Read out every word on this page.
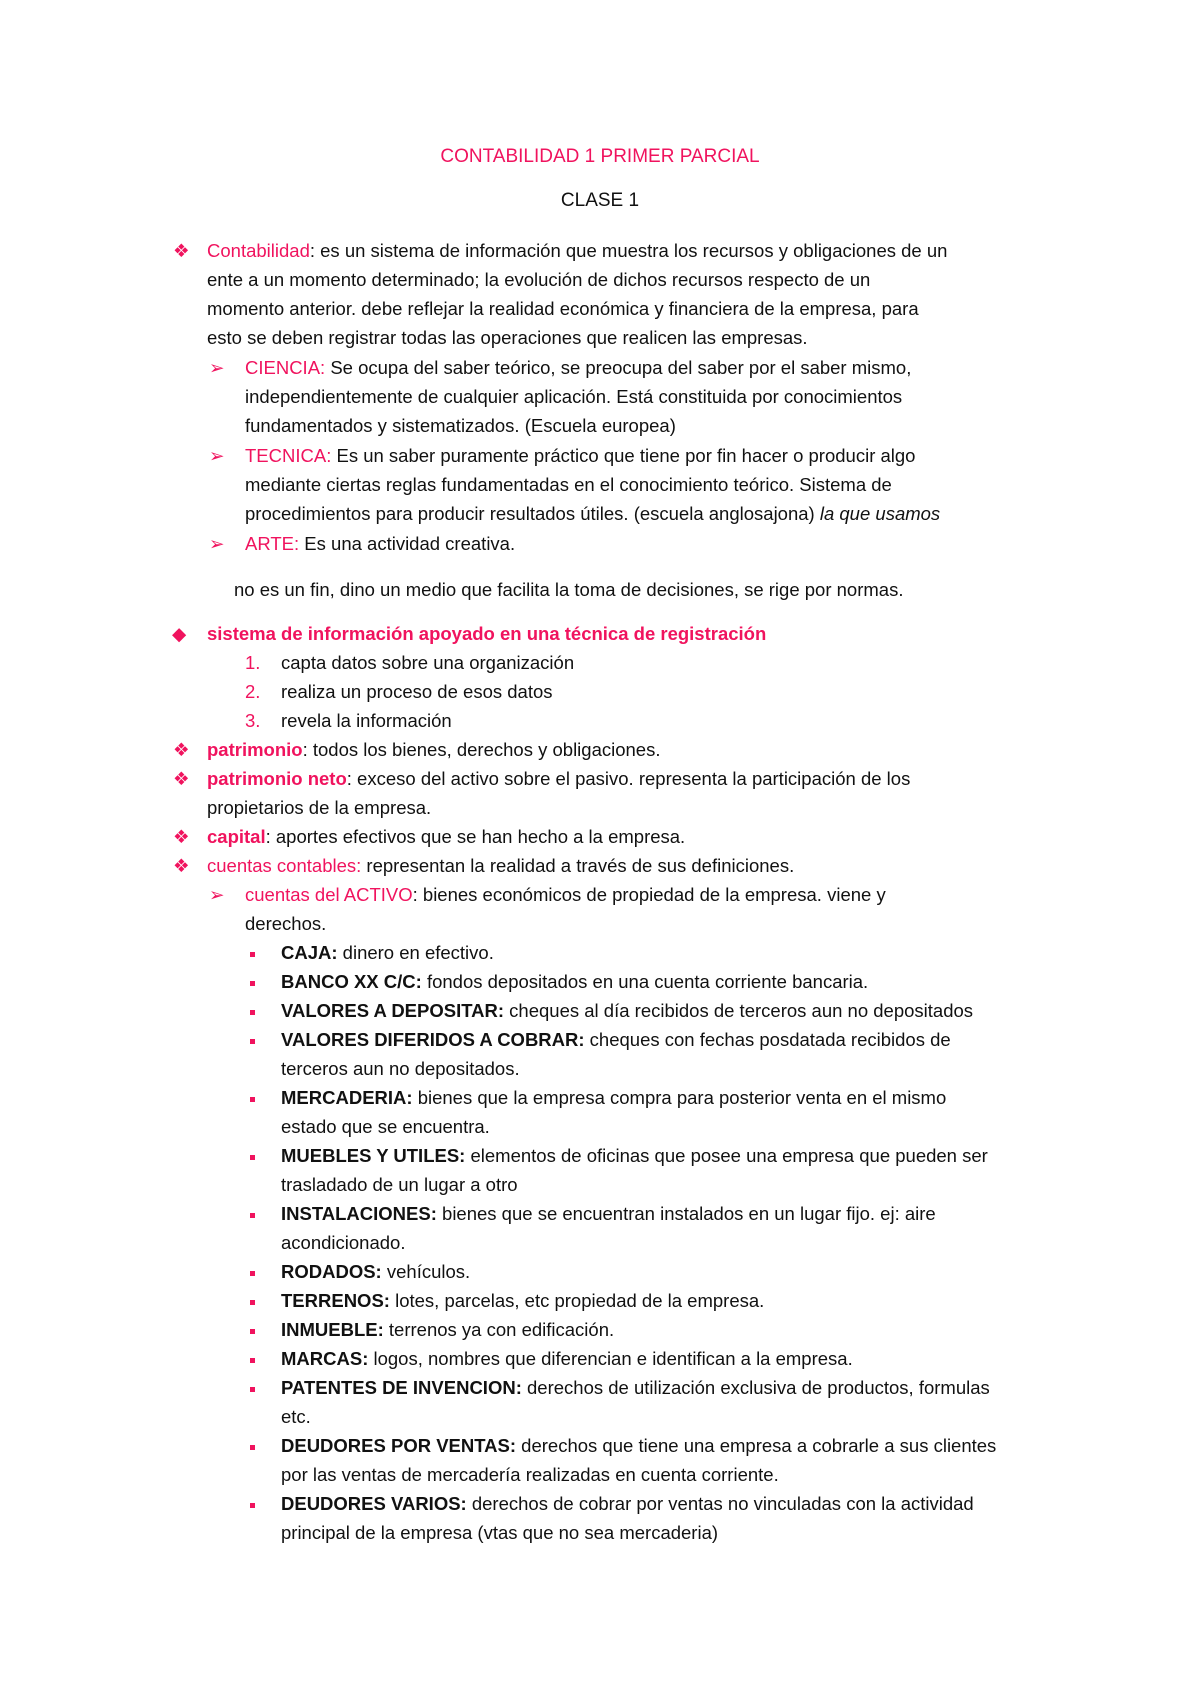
CONTABILIDAD 1 PRIMER PARCIAL
CLASE 1
❖ Contabilidad: es un sistema de información que muestra los recursos y obligaciones de un
ente a un momento determinado; la evolución de dichos recursos respecto de un
momento anterior. debe reflejar la realidad económica y financiera de la empresa, para
esto se deben registrar todas las operaciones que realicen las empresas.
➢ CIENCIA: Se ocupa del saber teórico, se preocupa del saber por el saber mismo,
independientemente de cualquier aplicación. Está constituida por conocimientos
fundamentados y sistematizados. (Escuela europea)
➢ TECNICA: Es un saber puramente práctico que tiene por fin hacer o producir algo
mediante ciertas reglas fundamentadas en el conocimiento teórico. Sistema de
procedimientos para producir resultados útiles. (escuela anglosajona) la que usamos
➢ ARTE: Es una actividad creativa.
no es un fin, dino un medio que facilita la toma de decisiones, se rige por normas.
◆ sistema de información apoyado en una técnica de registración
1. capta datos sobre una organización
2. realiza un proceso de esos datos
3. revela la información
❖ patrimonio: todos los bienes, derechos y obligaciones.
❖ patrimonio neto: exceso del activo sobre el pasivo. representa la participación de los
propietarios de la empresa.
❖ capital: aportes efectivos que se han hecho a la empresa.
❖ cuentas contables: representan la realidad a través de sus definiciones.
➢ cuentas del ACTIVO: bienes económicos de propiedad de la empresa. viene y
derechos.
CAJA: dinero en efectivo.
BANCO XX C/C: fondos depositados en una cuenta corriente bancaria.
VALORES A DEPOSITAR: cheques al día recibidos de terceros aun no depositados
VALORES DIFERIDOS A COBRAR: cheques con fechas posdatada recibidos de
terceros aun no depositados.
MERCADERIA: bienes que la empresa compra para posterior venta en el mismo
estado que se encuentra.
MUEBLES Y UTILES: elementos de oficinas que posee una empresa que pueden ser
trasladado de un lugar a otro
INSTALACIONES: bienes que se encuentran instalados en un lugar fijo. ej: aire
acondicionado.
RODADOS: vehículos.
TERRENOS: lotes, parcelas, etc propiedad de la empresa.
INMUEBLE: terrenos ya con edificación.
MARCAS: logos, nombres que diferencian e identifican a la empresa.
PATENTES DE INVENCION: derechos de utilización exclusiva de productos, formulas
etc.
DEUDORES POR VENTAS: derechos que tiene una empresa a cobrarle a sus clientes
por las ventas de mercadería realizadas en cuenta corriente.
DEUDORES VARIOS: derechos de cobrar por ventas no vinculadas con la actividad
principal de la empresa (vtas que no sea mercaderia)
